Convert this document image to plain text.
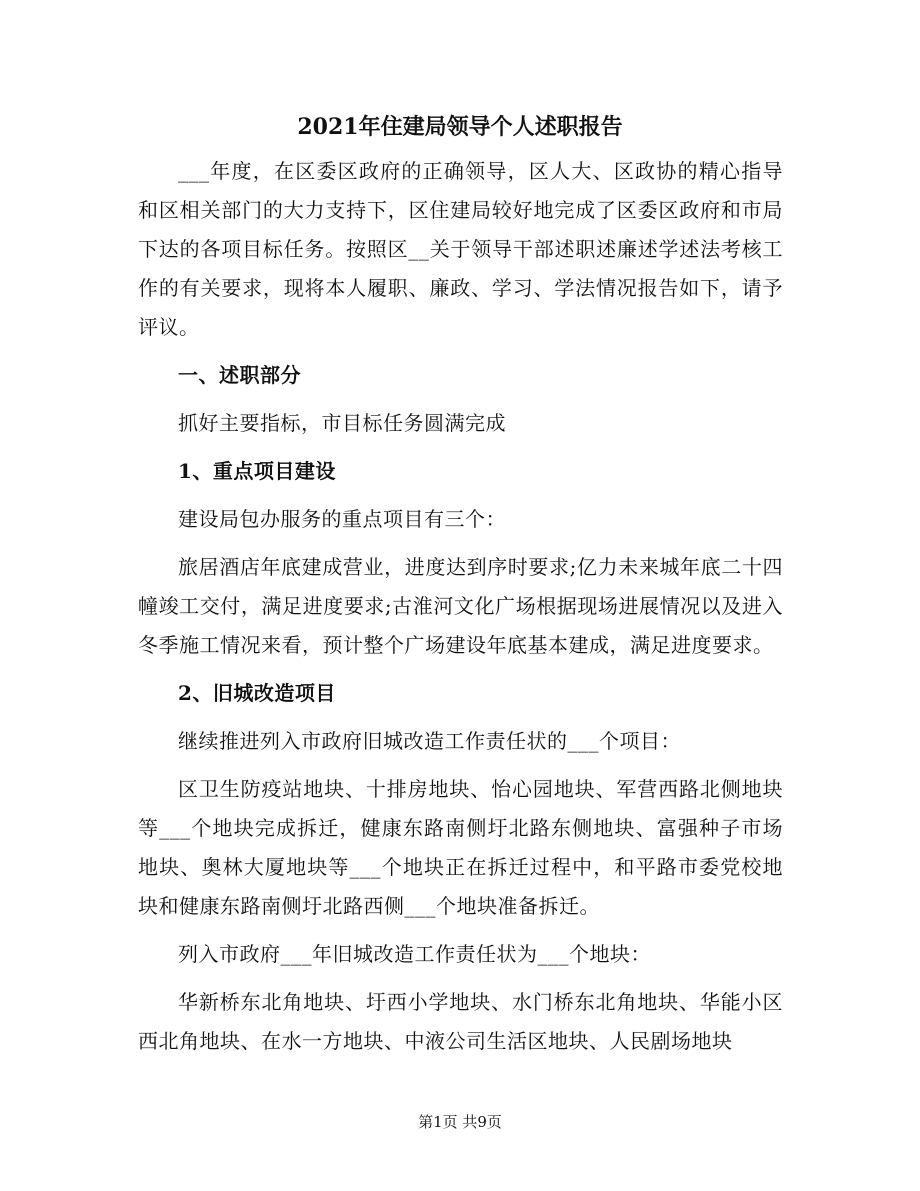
2021年住建局领导个人述职报告

___年度，在区委区政府的正确领导，区人大、区政协的精心指导和区相关部门的大力支持下，区住建局较好地完成了区委区政府和市局下达的各项目标任务。按照区__关于领导干部述职述廉述学述法考核工作的有关要求，现将本人履职、廉政、学习、学法情况报告如下，请予评议。

一、述职部分

抓好主要指标，市目标任务圆满完成

1、重点项目建设

建设局包办服务的重点项目有三个：

旅居酒店年底建成营业，进度达到序时要求;亿力未来城年底二十四幢竣工交付，满足进度要求;古淮河文化广场根据现场进展情况以及进入冬季施工情况来看，预计整个广场建设年底基本建成，满足进度要求。

2、旧城改造项目

继续推进列入市政府旧城改造工作责任状的___个项目：

区卫生防疫站地块、十排房地块、怡心园地块、军营西路北侧地块等___个地块完成拆迁，健康东路南侧圩北路东侧地块、富强种子市场地块、奥林大厦地块等___个地块正在拆迁过程中，和平路市委党校地块和健康东路南侧圩北路西侧___个地块准备拆迁。

列入市政府___年旧城改造工作责任状为___个地块：

华新桥东北角地块、圩西小学地块、水门桥东北角地块、华能小区西北角地块、在水一方地块、中液公司生活区地块、人民剧场地块

第1页 共9页
